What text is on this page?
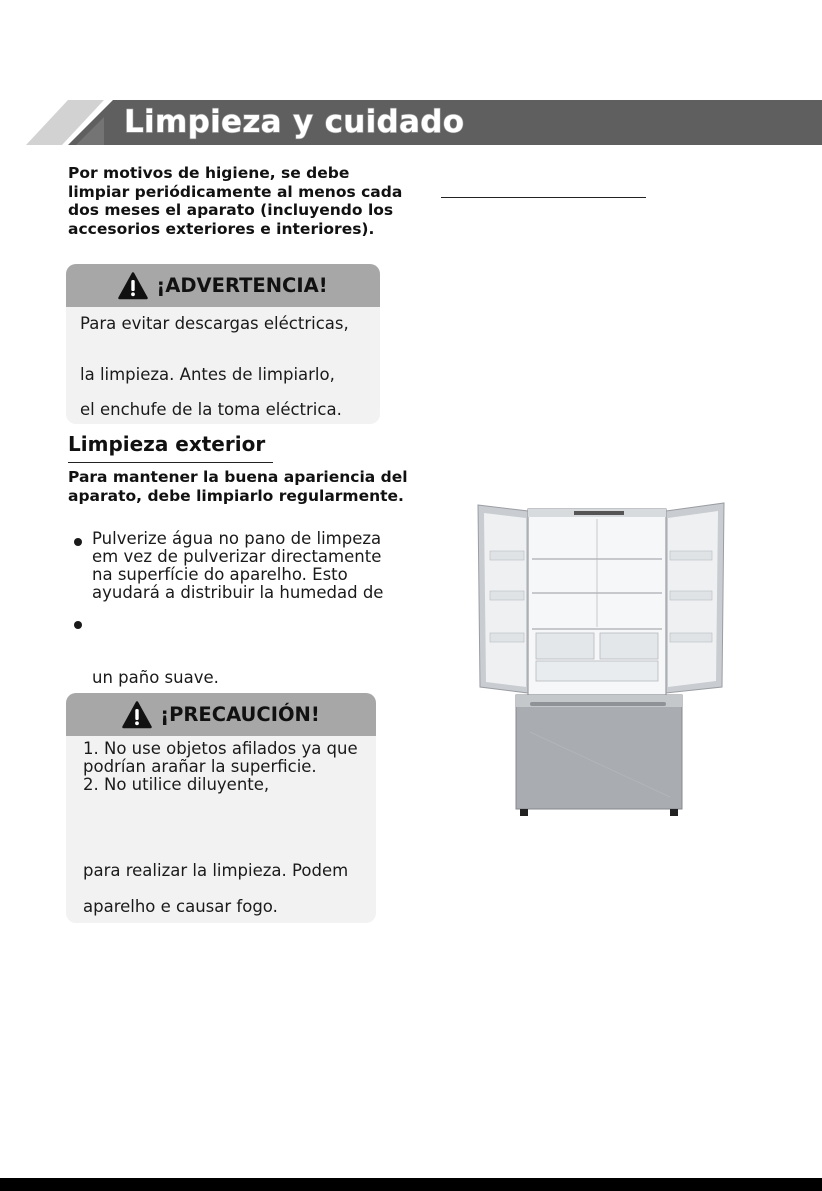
Limpieza y cuidado
Por motivos de higiene, se debe limpiar periódicamente al menos cada dos meses el aparato (incluyendo los accesorios exteriores e interiores).
¡ADVERTENCIA!
Para evitar descargas eléctricas,
la limpieza. Antes de limpiarlo,
el enchufe de la toma eléctrica.
Limpieza exterior
Para mantener la buena apariencia del aparato, debe limpiarlo regularmente.
Pulverize água no pano de limpeza
em vez de pulverizar directamente
na superfície do aparelho. Esto
ayudará a distribuir la humedad de
un paño suave.
¡PRECAUCIÓN!
1. No use objetos afilados ya que
podrían arañar la superficie.
2. No utilice diluyente,
para realizar la limpieza. Podem
aparelho e causar fogo.
